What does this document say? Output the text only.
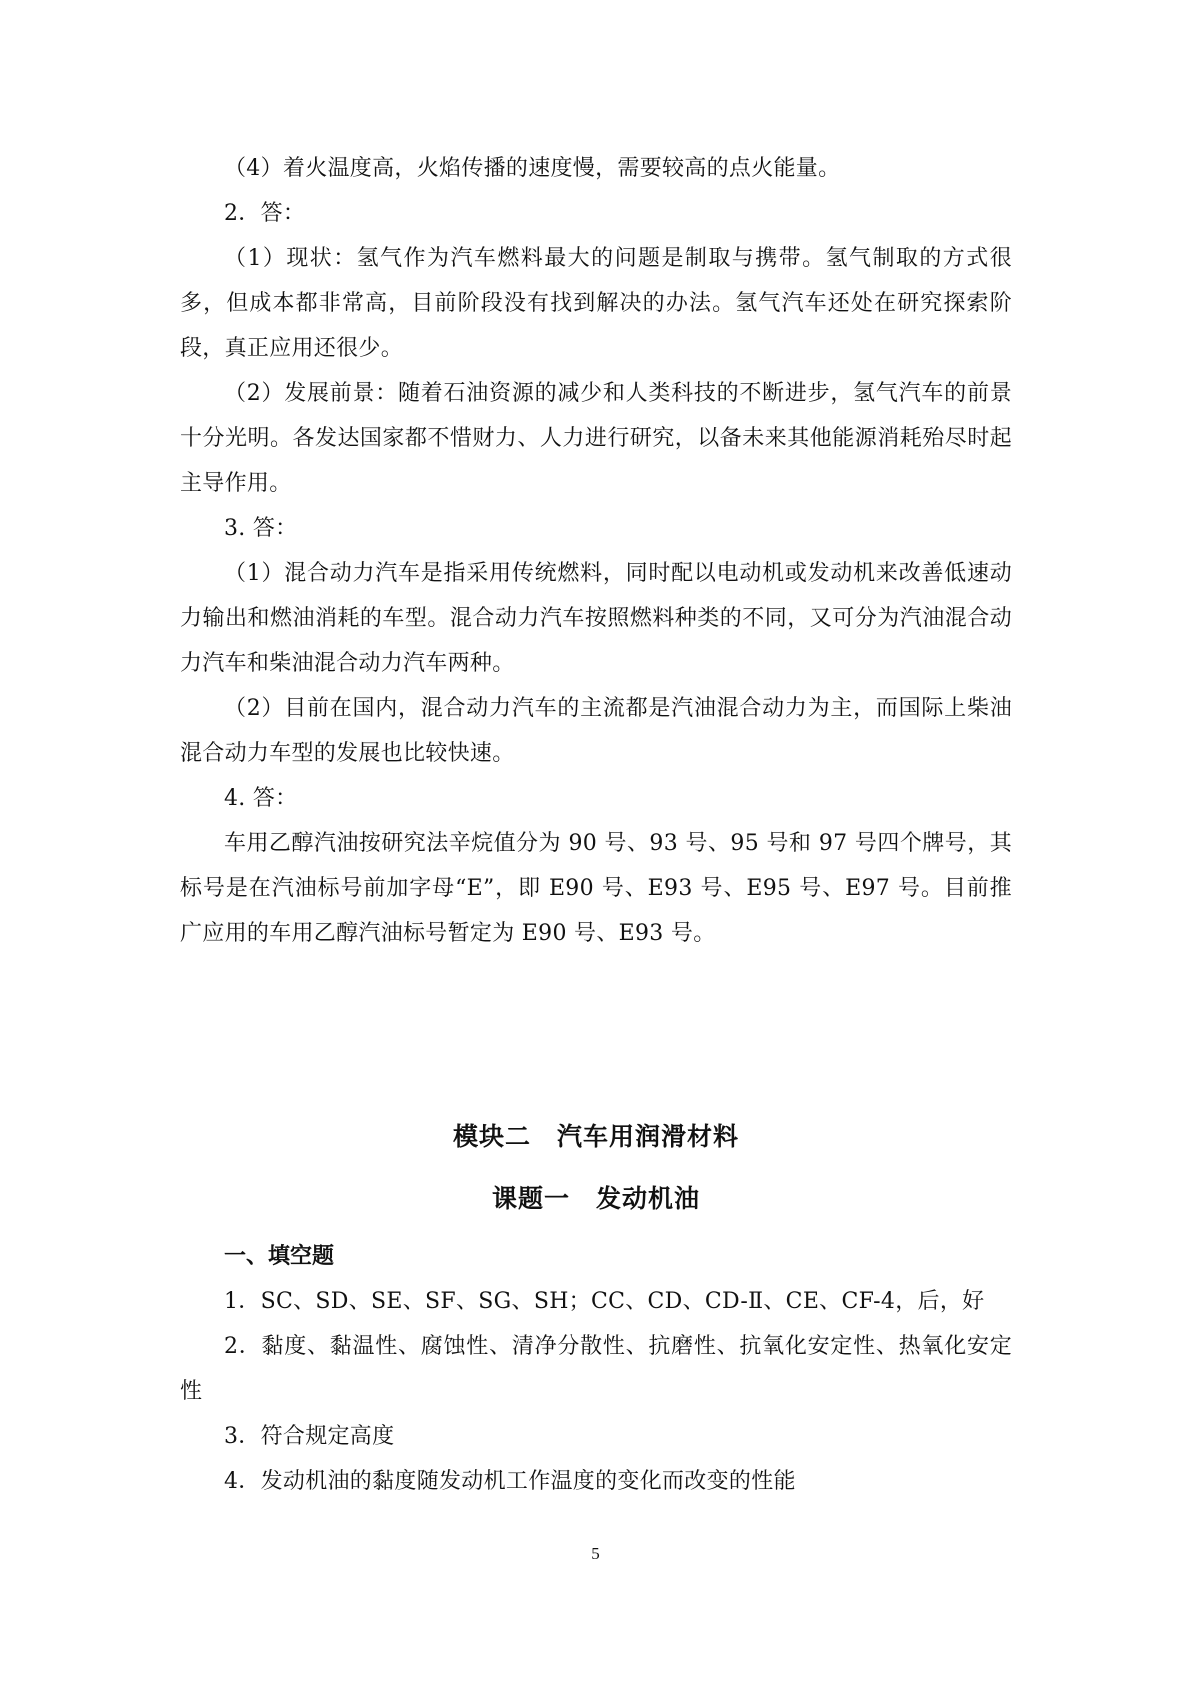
（4）着火温度高，火焰传播的速度慢，需要较高的点火能量。

2．答：

（1）现状：氢气作为汽车燃料最大的问题是制取与携带。氢气制取的方式很多，但成本都非常高，目前阶段没有找到解决的办法。氢气汽车还处在研究探索阶段，真正应用还很少。

（2）发展前景：随着石油资源的减少和人类科技的不断进步，氢气汽车的前景十分光明。各发达国家都不惜财力、人力进行研究，以备未来其他能源消耗殆尽时起主导作用。

3. 答：

（1）混合动力汽车是指采用传统燃料，同时配以电动机或发动机来改善低速动力输出和燃油消耗的车型。混合动力汽车按照燃料种类的不同，又可分为汽油混合动力汽车和柴油混合动力汽车两种。

（2）目前在国内，混合动力汽车的主流都是汽油混合动力为主，而国际上柴油混合动力车型的发展也比较快速。

4. 答：

车用乙醇汽油按研究法辛烷值分为 90 号、93 号、95 号和 97 号四个牌号，其标号是在汽油标号前加字母“E”，即 E90 号、E93 号、E95 号、E97 号。目前推广应用的车用乙醇汽油标号暂定为 E90 号、E93 号。

模块二　汽车用润滑材料
课题一　发动机油
一、填空题

1．SC、SD、SE、SF、SG、SH；CC、CD、CD-Ⅱ、CE、CF-4，后，好

2．黏度、黏温性、腐蚀性、清净分散性、抗磨性、抗氧化安定性、热氧化安定性

3．符合规定高度

4．发动机油的黏度随发动机工作温度的变化而改变的性能

5
